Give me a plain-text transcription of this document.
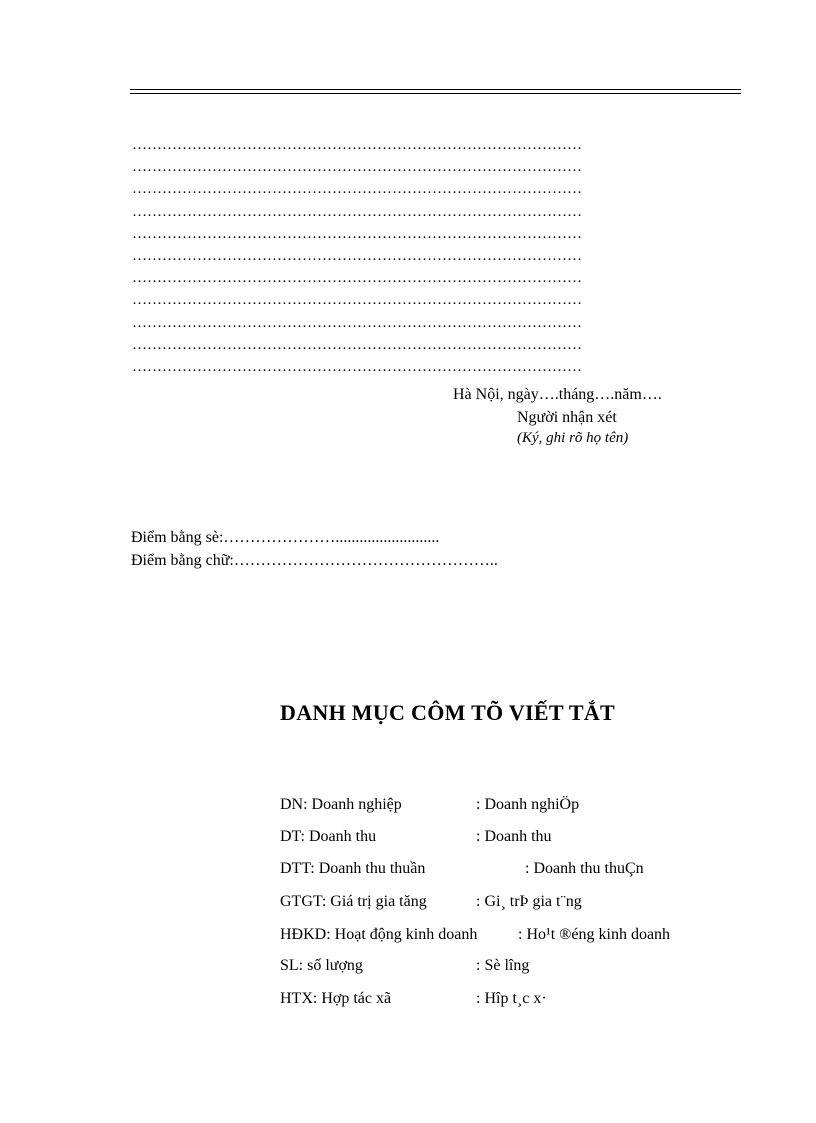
………………………………………………………………………………
………………………………………………………………………………
………………………………………………………………………………
………………………………………………………………………………
………………………………………………………………………………
………………………………………………………………………………
………………………………………………………………………………
………………………………………………………………………………
………………………………………………………………………………
………………………………………………………………………………
………………………………………………………………………………
Hà Nội, ngày….tháng….năm….
Người nhận xét
(Ký, ghi rõ họ tên)
Điểm bằng sè:…………………..........................
Điểm bằng chữ:…………………………………………..
DANH MỤC CÔM TÕ VIẾT TẮT
DN: Doanh nghiệp	: Doanh nghiÖp
DT: Doanh thu	: Doanh thu
DTT: Doanh thu thuần	: Doanh thu thuÇn
GTGT: Giá trị gia tăng	: Gi¸ trÞ gia t¨ng
HĐKD: Hoạt động kinh doanh	: Ho¹t ®éng kinh doanh
SL: số lượng	: Sè lîng
HTX: Hợp tác xã	: Hîp t¸c x·
